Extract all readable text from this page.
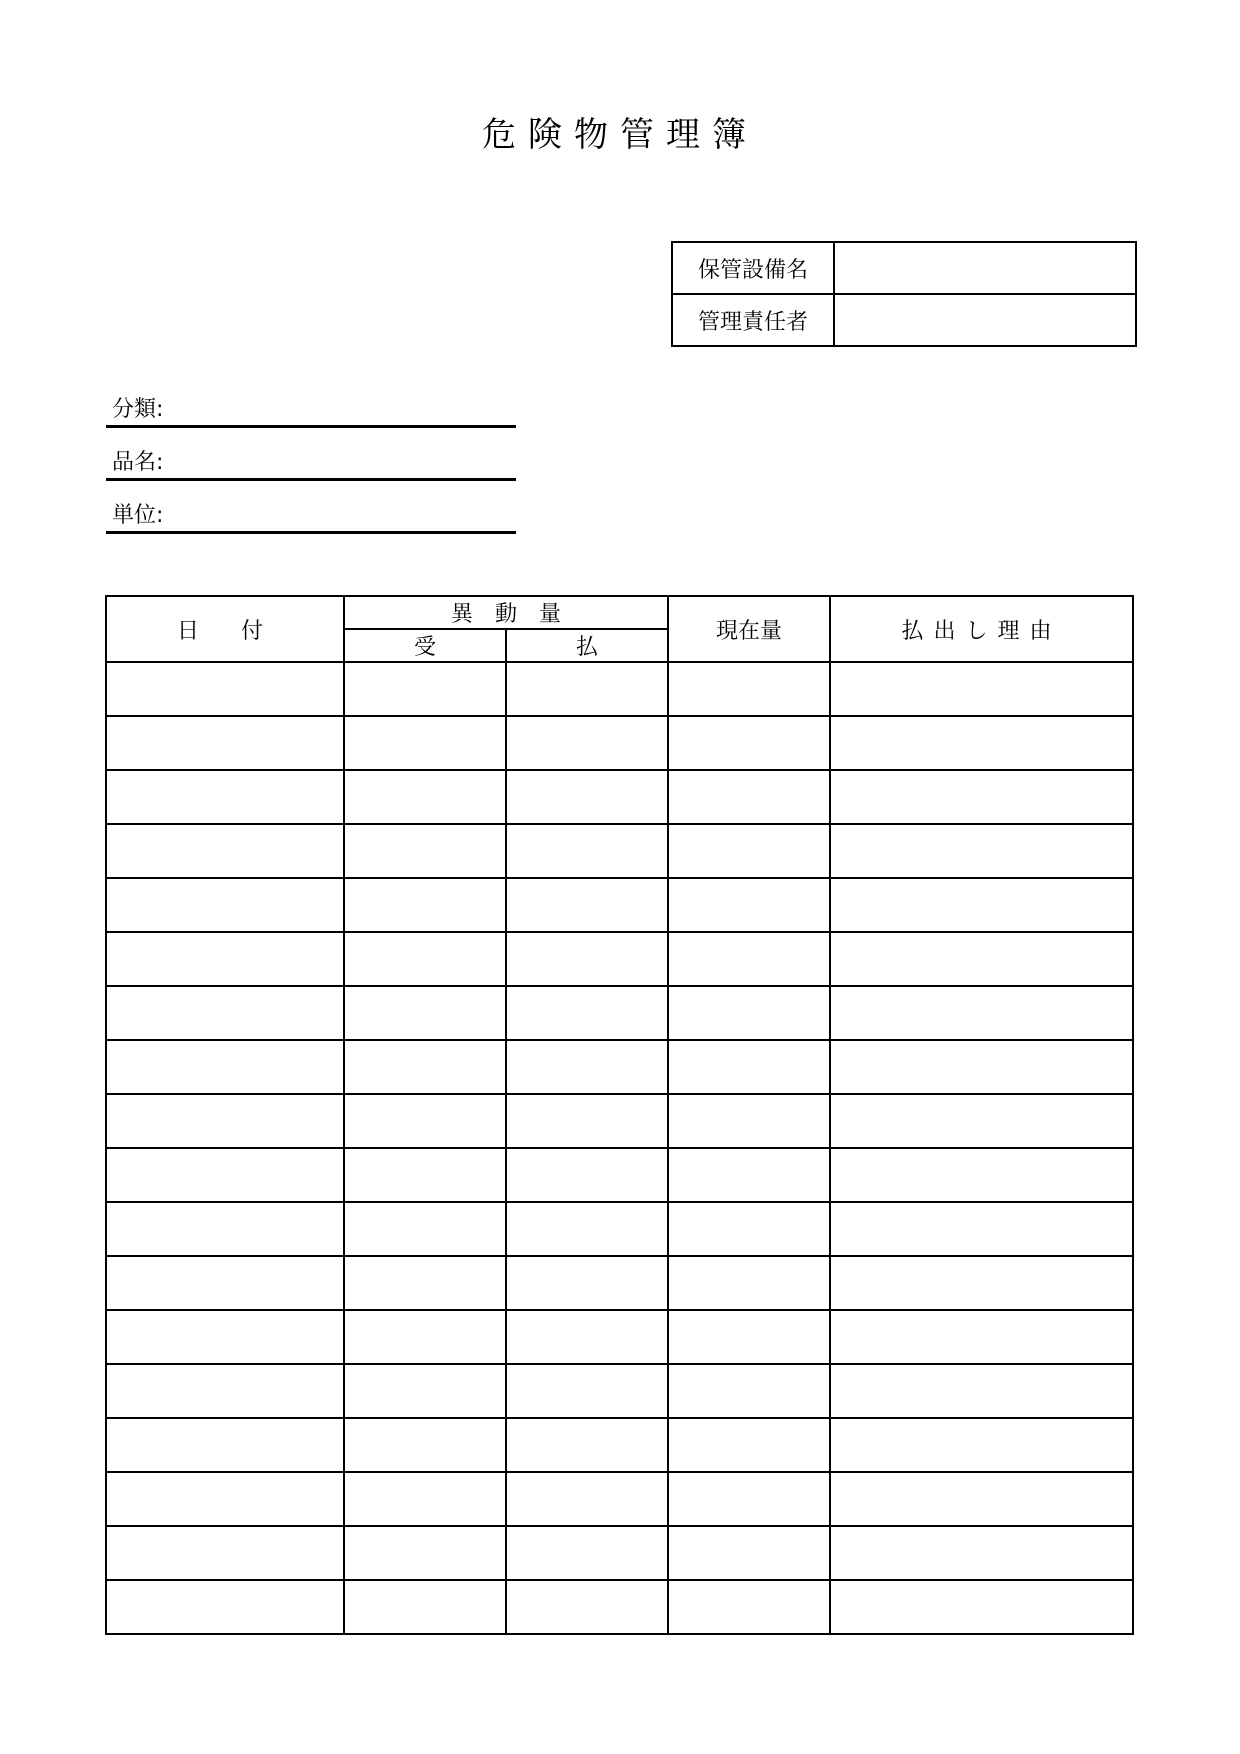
危険物管理簿
保管設備名	
管理責任者	
分類:
品名:
単位:
日　付	異　動　量		現在量	払出し理由
	受	払		
